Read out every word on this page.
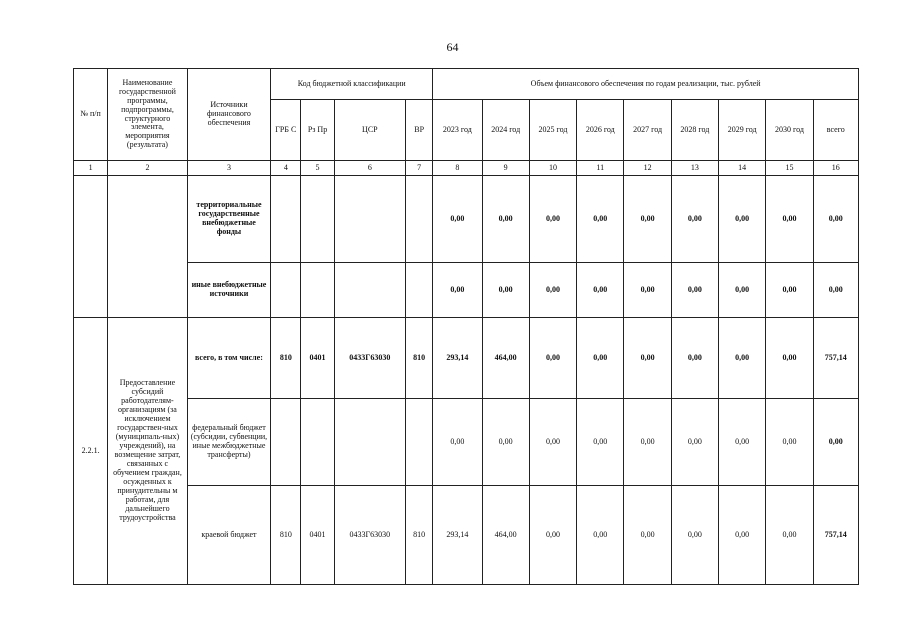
64
№ п/п	Наименование государственной программы, подпрограммы, структурного элемента, мероприятия (результата)	Источники финансового обеспечения	Код бюджетной классификации				Объем финансового обеспечения по годам реализации, тыс. рублей								
			ГРБ С	Рз Пр	ЦСР	ВР	2023 год	2024 год	2025 год	2026 год	2027 год	2028 год	2029 год	2030 год	всего
1	2	3	4	5	6	7	8	9	10	11	12	13	14	15	16
		территориальные государственные внебюджетные фонды					0,00	0,00	0,00	0,00	0,00	0,00	0,00	0,00	0,00
		иные внебюджетные источники					0,00	0,00	0,00	0,00	0,00	0,00	0,00	0,00	0,00
2.2.1.	Предоставление субсидий работодателям-организациям (за исключением государствен-ных (муниципаль-ных) учреждений), на возмещение затрат, связанных с обучением граждан, осужденных к принудительны м работам, для дальнейшего трудоустройства	всего, в том числе:	810	0401	0433Г63030	810	293,14	464,00	0,00	0,00	0,00	0,00	0,00	0,00	757,14
		федеральный бюджет (субсидии, субвенции, иные межбюджетные трансферты)					0,00	0,00	0,00	0,00	0,00	0,00	0,00	0,00	0,00
		краевой бюджет	810	0401	0433Г63030	810	293,14	464,00	0,00	0,00	0,00	0,00	0,00	0,00	757,14
